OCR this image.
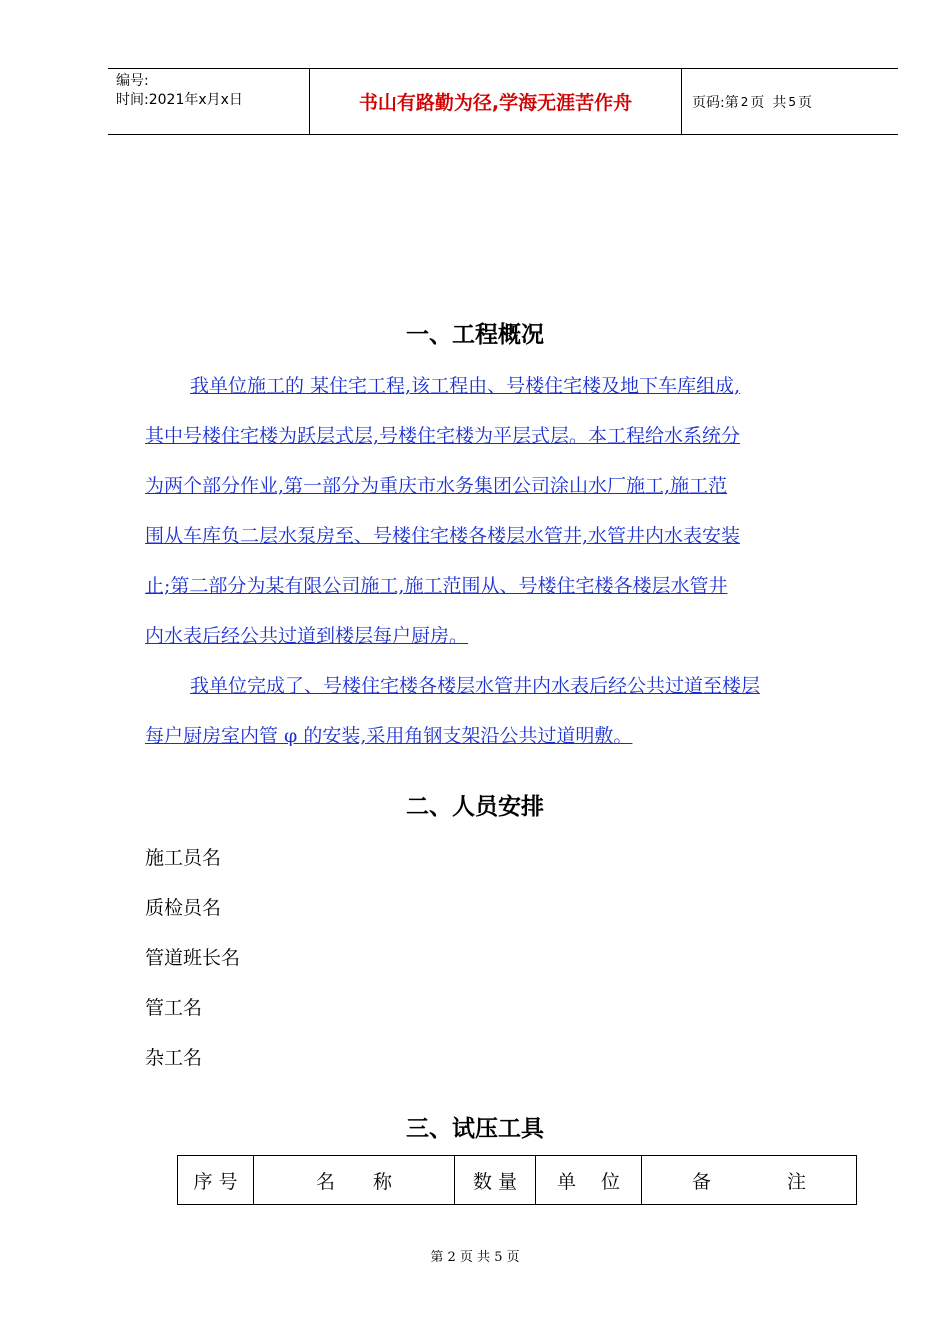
编号:
时间:2021年x月x日	书山有路勤为径,学海无涯苦作舟	页码:第 2 页 共 5 页
一、工程概况
我单位施工的 某住宅工程,该工程由、号楼住宅楼及地下车库组成,
其中号楼住宅楼为跃层式层,号楼住宅楼为平层式层。本工程给水系统分
为两个部分作业,第一部分为重庆市水务集团公司涂山水厂施工,施工范
围从车库负二层水泵房至、号楼住宅楼各楼层水管井,水管井内水表安装
止;第二部分为某有限公司施工,施工范围从、号楼住宅楼各楼层水管井
内水表后经公共过道到楼层每户厨房。
我单位完成了、号楼住宅楼各楼层水管井内水表后经公共过道至楼层
每户厨房室内管 φ 的安装,采用角钢支架沿公共过道明敷。
二、人员安排
施工员名
质检员名
管道班长名
管工名
杂工名
三、试压工具
序 号	名　　称	数 量	单　 位	备　　　　注
第 2 页 共 5 页
